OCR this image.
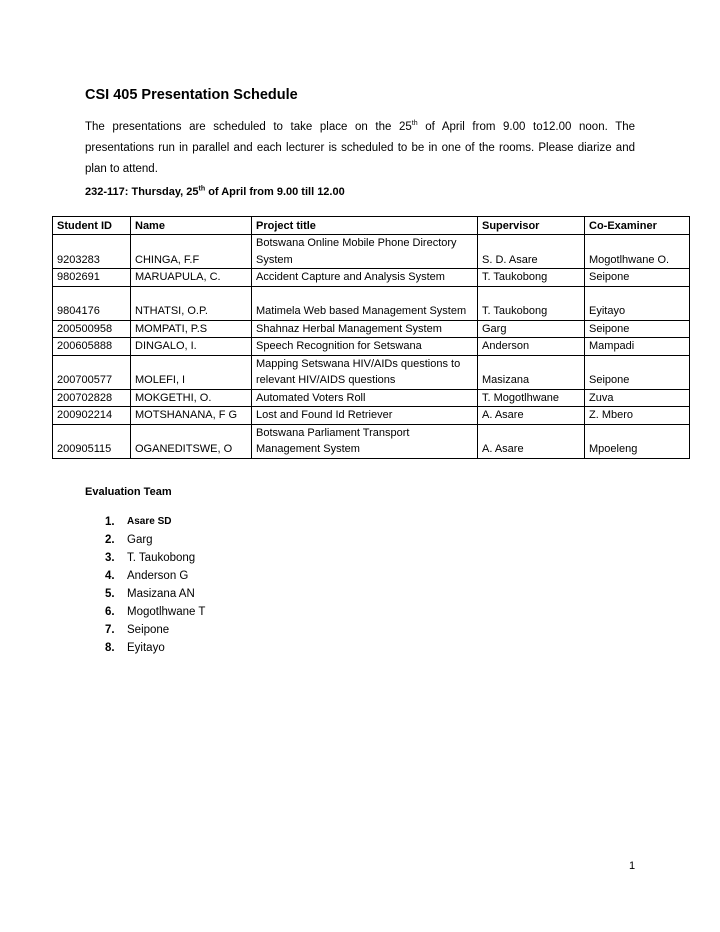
CSI 405 Presentation Schedule

The presentations are scheduled to take place on the 25th of April from 9.00 to12.00 noon. The
presentations run in parallel and each lecturer is scheduled to be in one of the rooms. Please diarize and
plan to attend.

232-117: Thursday, 25th of April from 9.00 till 12.00

Student ID	Name	Project title	Supervisor	Co-Examiner
9203283	CHINGA, F.F	Botswana Online Mobile Phone Directory System	S. D. Asare	Mogotlhwane O.
9802691	MARUAPULA, C.	Accident Capture and Analysis System	T. Taukobong	Seipone
9804176	NTHATSI, O.P.	Matimela Web based Management System	T. Taukobong	Eyitayo
200500958	MOMPATI, P.S	Shahnaz Herbal Management System	Garg	Seipone
200605888	DINGALO, I.	Speech Recognition for Setswana	Anderson	Mampadi
200700577	MOLEFI, I	Mapping Setswana HIV/AIDs questions to relevant HIV/AIDS questions	Masizana	Seipone
200702828	MOKGETHI, O.	Automated Voters Roll	T. Mogotlhwane	Zuva
200902214	MOTSHANANA, F G	Lost and Found Id Retriever	A. Asare	Z. Mbero
200905115	OGANEDITSWE, O	Botswana Parliament Transport Management System	A. Asare	Mpoeleng

Evaluation Team

1.	Asare SD
2.	Garg
3.	T. Taukobong
4.	Anderson G
5.	Masizana AN
6.	Mogotlhwane T
7.	Seipone
8.	Eyitayo

1
